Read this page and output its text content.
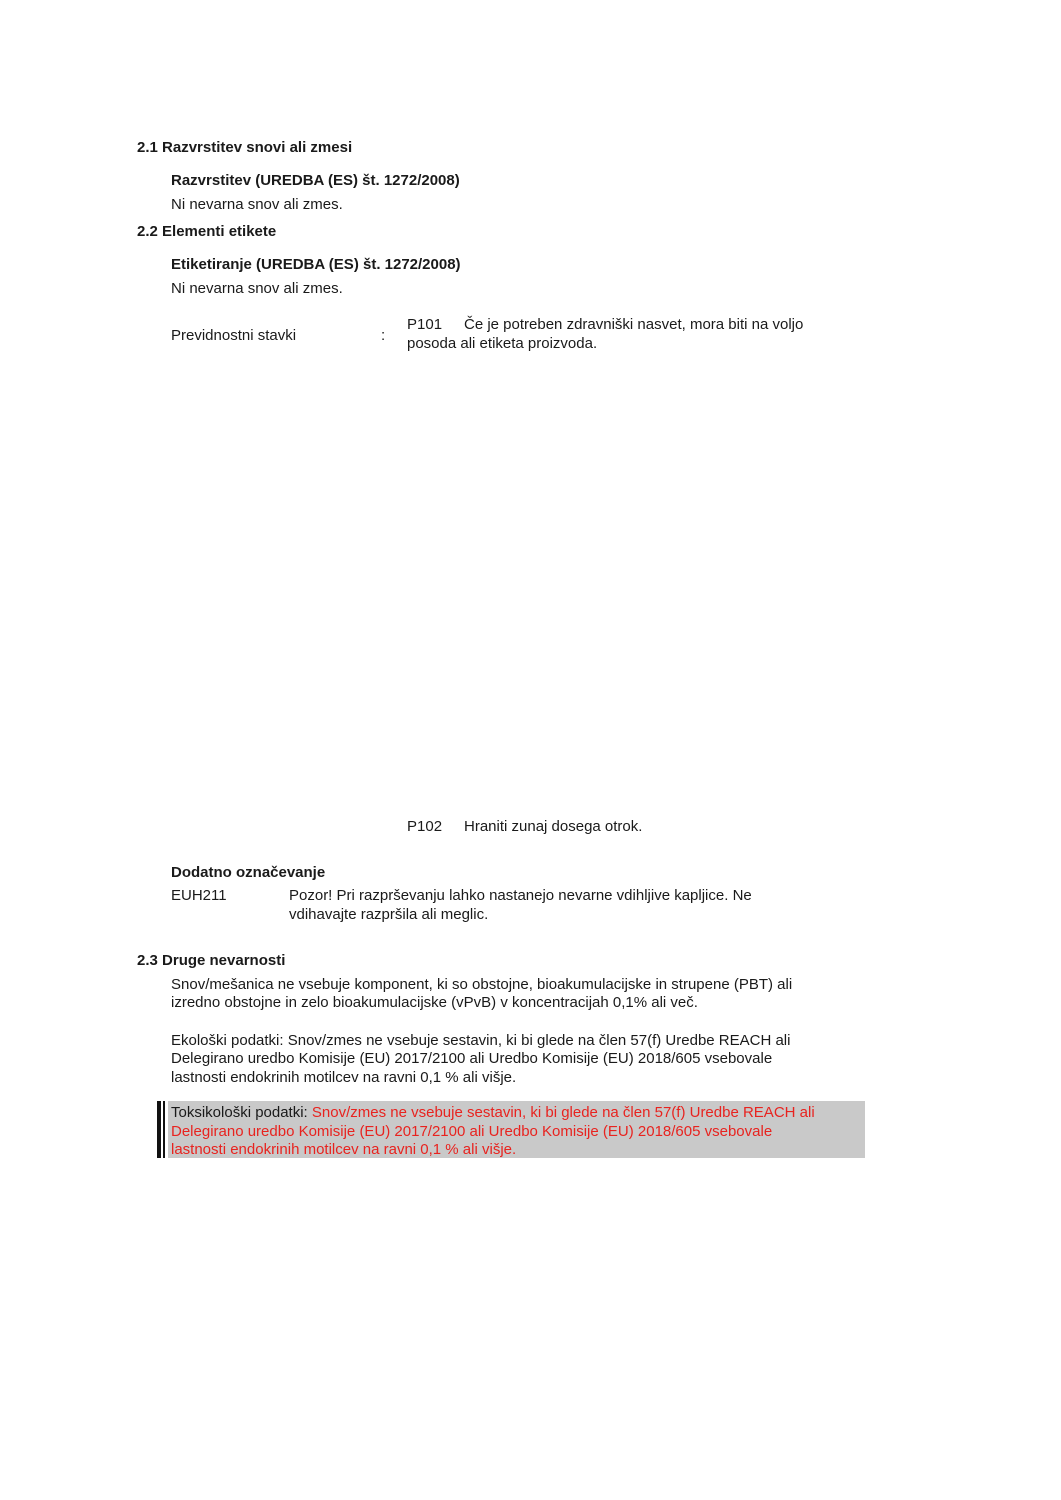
2.1 Razvrstitev snovi ali zmesi
Razvrstitev (UREDBA (ES) št. 1272/2008)
Ni nevarna snov ali zmes.
2.2 Elementi etikete
Etiketiranje (UREDBA (ES) št. 1272/2008)
Ni nevarna snov ali zmes.
Previdnostni stavki	:
P101 Če je potreben zdravniški nasvet, mora biti na voljo
posoda ali etiketa proizvoda.
P102 Hraniti zunaj dosega otrok.
Dodatno označevanje
EUH211	Pozor! Pri razprševanju lahko nastanejo nevarne vdihljive kapljice. Ne
vdihavajte razpršila ali meglic.
2.3 Druge nevarnosti
Snov/mešanica ne vsebuje komponent, ki so obstojne, bioakumulacijske in strupene (PBT) ali
izredno obstojne in zelo bioakumulacijske (vPvB) v koncentracijah 0,1% ali več.
Ekološki podatki: Snov/zmes ne vsebuje sestavin, ki bi glede na člen 57(f) Uredbe REACH ali
Delegirano uredbo Komisije (EU) 2017/2100 ali Uredbo Komisije (EU) 2018/605 vsebovale
lastnosti endokrinih motilcev na ravni 0,1 % ali višje.
Toksikološki podatki: Snov/zmes ne vsebuje sestavin, ki bi glede na člen 57(f) Uredbe REACH ali
Delegirano uredbo Komisije (EU) 2017/2100 ali Uredbo Komisije (EU) 2018/605 vsebovale
lastnosti endokrinih motilcev na ravni 0,1 % ali višje.
